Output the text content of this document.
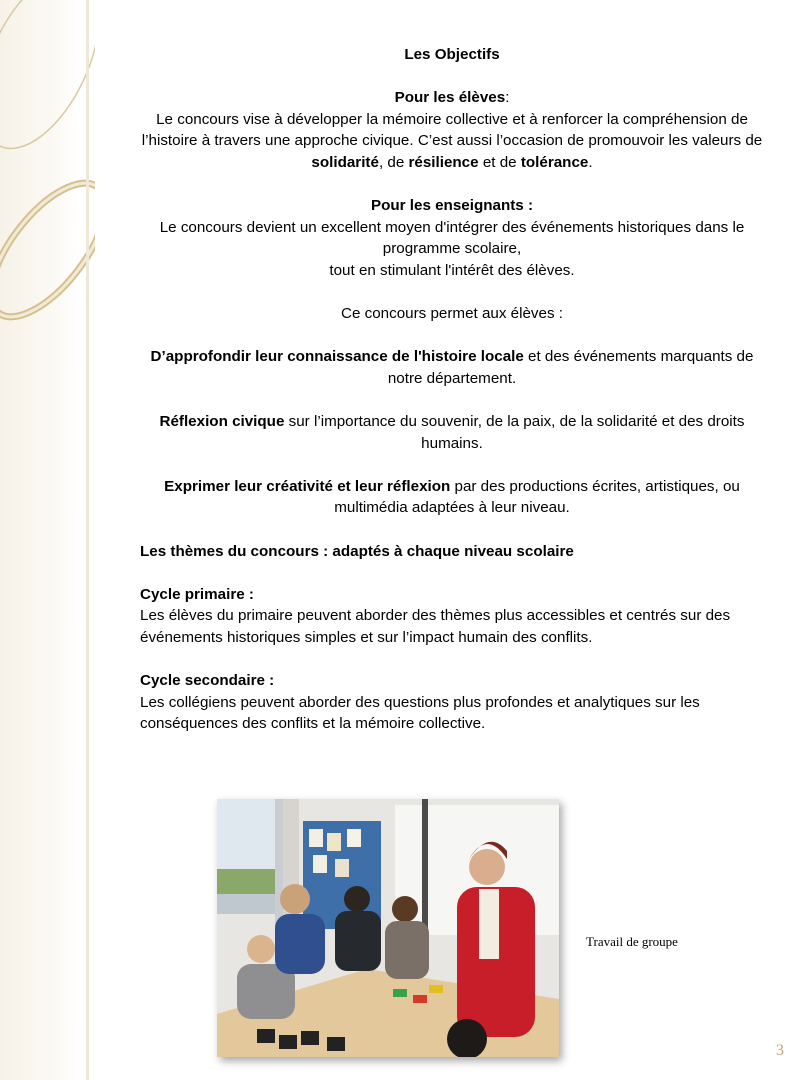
Les Objectifs
Pour les élèves:
Le concours vise à développer la mémoire collective et à renforcer la compréhension de l’histoire à travers une approche civique. C’est aussi l’occasion de promouvoir les valeurs de solidarité, de résilience et de tolérance.
Pour les enseignants :
Le concours devient un excellent moyen d'intégrer des événements historiques dans le programme scolaire,
tout en stimulant l'intérêt des élèves.
Ce concours permet aux élèves :
D’approfondir leur connaissance de l'histoire locale et des événements marquants de notre département.
Réflexion civique sur l’importance du souvenir, de la paix, de la solidarité et des droits humains.
Exprimer leur créativité et leur réflexion par des productions écrites, artistiques, ou multimédia adaptées à leur niveau.
Les thèmes du concours : adaptés à chaque niveau scolaire
Cycle primaire :
Les élèves du primaire peuvent aborder des thèmes plus accessibles et centrés sur des événements historiques simples et sur l’impact humain des conflits.
Cycle secondaire :
Les collégiens peuvent aborder des questions plus profondes et analytiques sur les conséquences des conflits et la mémoire collective.
Travail de groupe
3
